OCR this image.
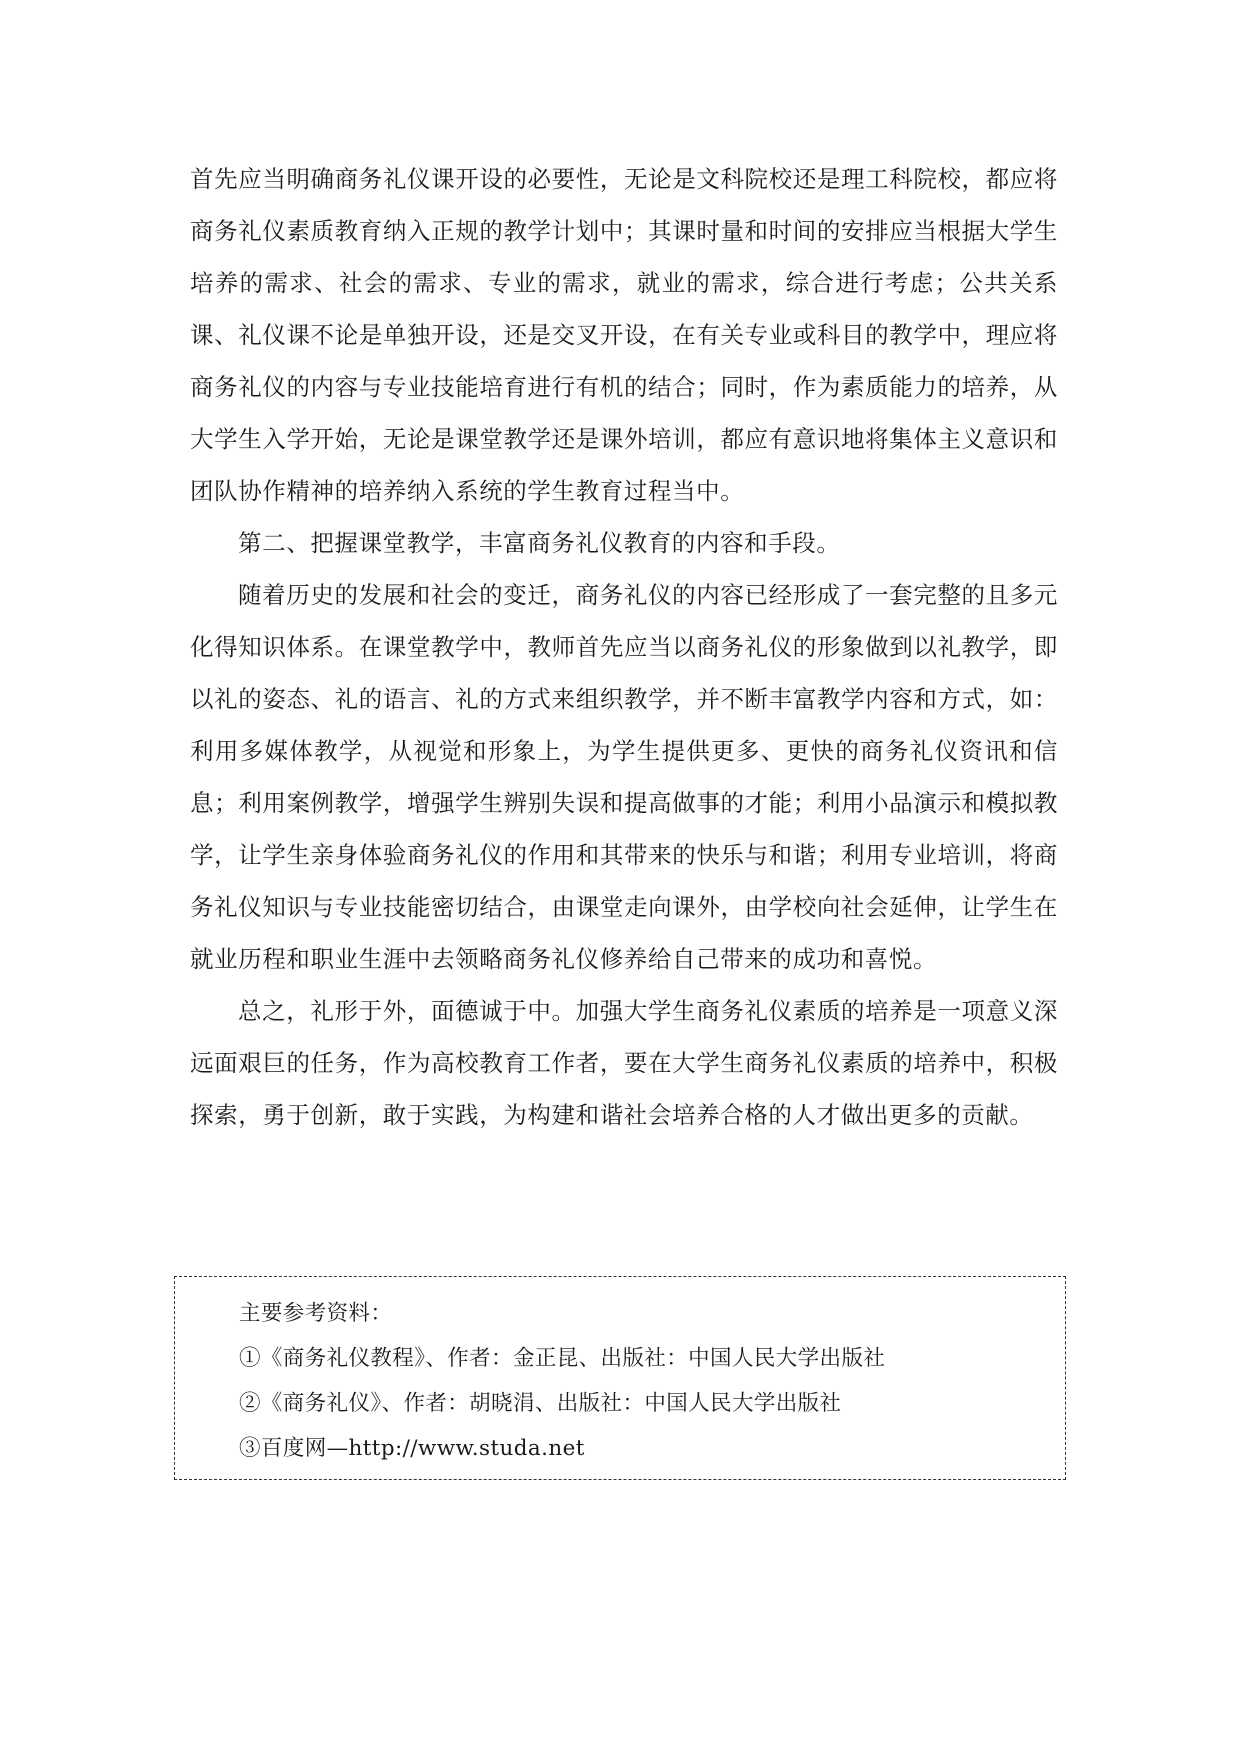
首先应当明确商务礼仪课开设的必要性，无论是文科院校还是理工科院校，都应将商务礼仪素质教育纳入正规的教学计划中；其课时量和时间的安排应当根据大学生培养的需求、社会的需求、专业的需求，就业的需求，综合进行考虑；公共关系课、礼仪课不论是单独开设，还是交叉开设，在有关专业或科目的教学中，理应将商务礼仪的内容与专业技能培育进行有机的结合；同时，作为素质能力的培养，从大学生入学开始，无论是课堂教学还是课外培训，都应有意识地将集体主义意识和团队协作精神的培养纳入系统的学生教育过程当中。

第二、把握课堂教学，丰富商务礼仪教育的内容和手段。

随着历史的发展和社会的变迁，商务礼仪的内容已经形成了一套完整的且多元化得知识体系。在课堂教学中，教师首先应当以商务礼仪的形象做到以礼教学，即以礼的姿态、礼的语言、礼的方式来组织教学，并不断丰富教学内容和方式，如：利用多媒体教学，从视觉和形象上，为学生提供更多、更快的商务礼仪资讯和信息；利用案例教学，增强学生辨别失误和提高做事的才能；利用小品演示和模拟教学，让学生亲身体验商务礼仪的作用和其带来的快乐与和谐；利用专业培训，将商务礼仪知识与专业技能密切结合，由课堂走向课外，由学校向社会延伸，让学生在就业历程和职业生涯中去领略商务礼仪修养给自己带来的成功和喜悦。

总之，礼形于外，面德诚于中。加强大学生商务礼仪素质的培养是一项意义深远面艰巨的任务，作为高校教育工作者，要在大学生商务礼仪素质的培养中，积极探索，勇于创新，敢于实践，为构建和谐社会培养合格的人才做出更多的贡献。

主要参考资料：
①《商务礼仪教程》、作者：金正昆、出版社：中国人民大学出版社
②《商务礼仪》、作者：胡晓涓、出版社：中国人民大学出版社
③百度网—http://www.studa.net
